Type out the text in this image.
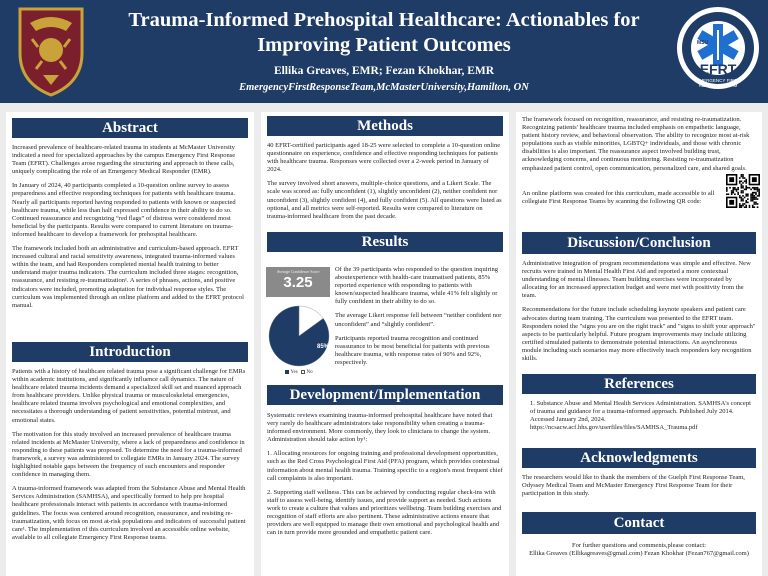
Trauma-Informed Prehospital Healthcare: Actionables for Improving Patient Outcomes
Ellika Greaves, EMR; Fezan Khokhar, EMR
EmergencyFirstResponseTeam,McMasterUniversity,Hamilton, ON
MSU
EFRT
EMERGENCY FIRST
RESPONSE TEAM
Abstract

Increased prevalence of healthcare-related trauma in students at McMaster University indicated a need for specialized approaches by the campus Emergency First Response Team (EFRT). Challenges arose regarding the structuring and approach to these calls, uniquely complicating the role of an Emergency Medical Responder (EMR).

In January of 2024, 40 participants completed a 10-question online survey to assess preparedness and effective responding techniques for patients with healthcare trauma. Nearly all participants reported having responded to patients with known or suspected healthcare trauma, while less than half expressed confidence in their ability to do so. Continued reassurance and recognizing “red flags” of distress were considered most beneficial by the participants. Results were compared to current literature on trauma-informed healthcare to develop a framework for prehospital healthcare.

The framework included both an administrative and curriculum-based approach. EFRT increased cultural and racial sensitivity awareness, integrated trauma-informed values within the team, and had Responders completed mental health training to better understand major trauma indicators. The curriculum included three stages: recognition, reassurance, and resisting re-traumatization¹. A series of phrases, actions, and positive indicators were included, promoting adaptation for individual response styles. The curriculum was implemented through an online platform and added to the EFRT protocol manual.

Introduction

Patients with a history of healthcare related trauma pose a significant challenge for EMRs within academic institutions, and significantly influence call dynamics. The nature of healthcare related trauma incidents demand a specialized skill set and nuanced approach from healthcare providers. Unlike physical trauma or musculoskeletal emergencies, healthcare related trauma involves psychological and emotional complexities, and necessitates a thorough understanding of patient sensitivities, potential mistrust, and emotional states.

The motivation for this study involved an increased prevalence of healthcare trauma related incidents at McMaster University, where a lack of preparedness and confidence in responding to these patients was proposed. To determine the need for a trauma-informed framework, a survey was administered to collegiate EMRs in January 2024. The survey highlighted notable gaps between the frequency of such encounters and responder confidence in managing them.

A trauma-informed framework was adapted from the Substance Abuse and Mental Health Services Administration (SAMHSA), and specifically formed to help pre hospital healthcare professionals interact with patients in accordance with trauma-informed guidelines. The focus was centered around recognition, reassurance, and resisting re-traumatization, with focus on most at-risk populations and indicators of successful patient care¹. The implementation of this curriculum involved an accessible online website, available to all collegiate Emergency First Response teams.

Methods

40 EFRT-certified participants aged 18-25 were selected to complete a 10-question online questionnaire on experience, confidence and effective responding techniques for patients with healthcare trauma. Responses were collected over a 2-week period in January of 2024.

The survey involved short answers, multiple-choice questions, and a Likert Scale. The scale was scored as: fully unconfident (1), slightly unconfident (2), neither confident nor unconfident (3), slightly confident (4), and fully confident (5). All questions were listed as optional, and all metrics were self-reported. Results were compared to literature on trauma-informed healthcare from the past decade.

Results
Average Confidence Score
3.25
85%
Yes No

Of the 39 participants who responded to the question inquiring aboutexperience with health-care traumatised patients, 85% reported experience with responding to patients with known/suspected healthcare trauma, while 41% felt slightly or fully confident in their ability to do so.

The average Likert response fell between “neither confident nor unconfident” and “slightly confident”.

Participants reported trauma recognition and continued reassurance to be most beneficial for patients with previous healthcare trauma, with response rates of 90% and 92%, respectively.

Development/Implementation

Systematic reviews examining trauma-informed prehospital healthcare have noted that very rarely do healthcare administrators take responsibility when creating a trauma-informed environment. More commonly, they look to clinicians to change the system. Administration should take action by¹:

1. Allocating resources for ongoing training and professional development opportunities, such as the Red Cross Psychological First Aid (PFA) program, which provides contextual information about mental health trauma. Training specific to a region's most frequent chief call complaints is also important.

2. Supporting staff wellness. This can be achieved by conducting regular check-ins with staff to assess well-being, identify issues, and provide support as needed. Such actions work to create a culture that values and prioritizes wellbeing. Team building exercises and recognition of staff efforts are also pertinent. These administrative actions ensure that providers are well equipped to manage their own emotional and psychological health and can in turn provide more grounded and empathetic patient care.

The framework focused on recognition, reassurance, and resisting re-traumatization. Recognizing patients' healthcare trauma included emphasis on empathetic language, patient history review, and behavioral observation. The ability to recognize most at-risk populations such as visible minorities, LGBTQ+ individuals, and those with chronic disabilities is also important. The reassurance aspect involved building trust, acknowledging concerns, and continuous monitoring. Resisting re-traumatization emphasized patient control, open communication, personalized care, and shared goals.

An online platform was created for this curriculum, made accessible to all collegiate First Response Teams by scanning the following QR code:

Discussion/Conclusion

Administrative integration of program recommendations was simple and effective. New recruits were trained in Mental Health First Aid and reported a more contextual understanding of mental illnesses. Team building exercises were incorporated by allocating for an increased appreciation budget and were met with positivity from the team.

Recommendations for the future include scheduling keynote speakers and patient care advocates during team training. The curriculum was presented to the EFRT team. Responders noted the "signs you are on the right track" and "signs to shift your approach" aspects to be particularly helpful. Future program improvements may include utilizing certified simulated patients to demonstrate potential interactions. An asynchronous module including such scenarios may more effectively teach responders key recognition skills.

References

1. Substance Abuse and Mental Health Services Administration. SAMHSA's concept of trauma and guidance for a trauma-informed approach. Published July 2014. Accessed January 2nd, 2024. https://ncsacw.acf.hhs.gov/userfiles/files/SAMHSA_Trauma.pdf

Acknowledgments

The researchers would like to thank the members of the Guelph First Response Team, Odyssey Medical Team and McMaster Emergency First Response Team for their participation in this study.

Contact
For further questions and comments,please contact:
Ellika Greaves (Ellikagreaves@gmail.com) Fezan Khokhar (Fezan767@gmail.com)
